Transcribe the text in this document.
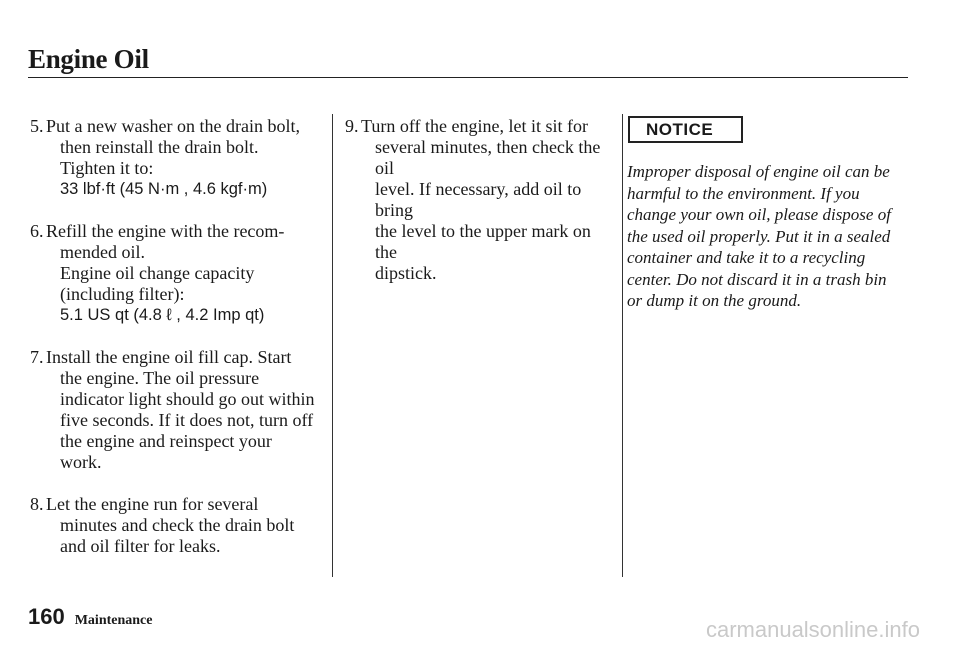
Engine Oil
5. Put a new washer on the drain bolt,

then reinstall the drain bolt.

Tighten it to:

33 lbf·ft (45 N·m , 4.6 kgf·m)

6. Refill the engine with the recom-

mended oil.

Engine oil change capacity

(including filter):

5.1 US qt (4.8 ℓ , 4.2 Imp qt)

7. Install the engine oil fill cap. Start

the engine. The oil pressure

indicator light should go out within

five seconds. If it does not, turn off

the engine and reinspect your

work.

8. Let the engine run for several

minutes and check the drain bolt

and oil filter for leaks.

9. Turn off the engine, let it sit for

several minutes, then check the oil

level. If necessary, add oil to bring

the level to the upper mark on the

dipstick.

NOTICE
Improper disposal of engine oil can be
harmful to the environment. If you
change your own oil, please dispose of
the used oil properly. Put it in a sealed
container and take it to a recycling
center. Do not discard it in a trash bin
or dump it on the ground.
160 Maintenance	carmanualsonline.info
